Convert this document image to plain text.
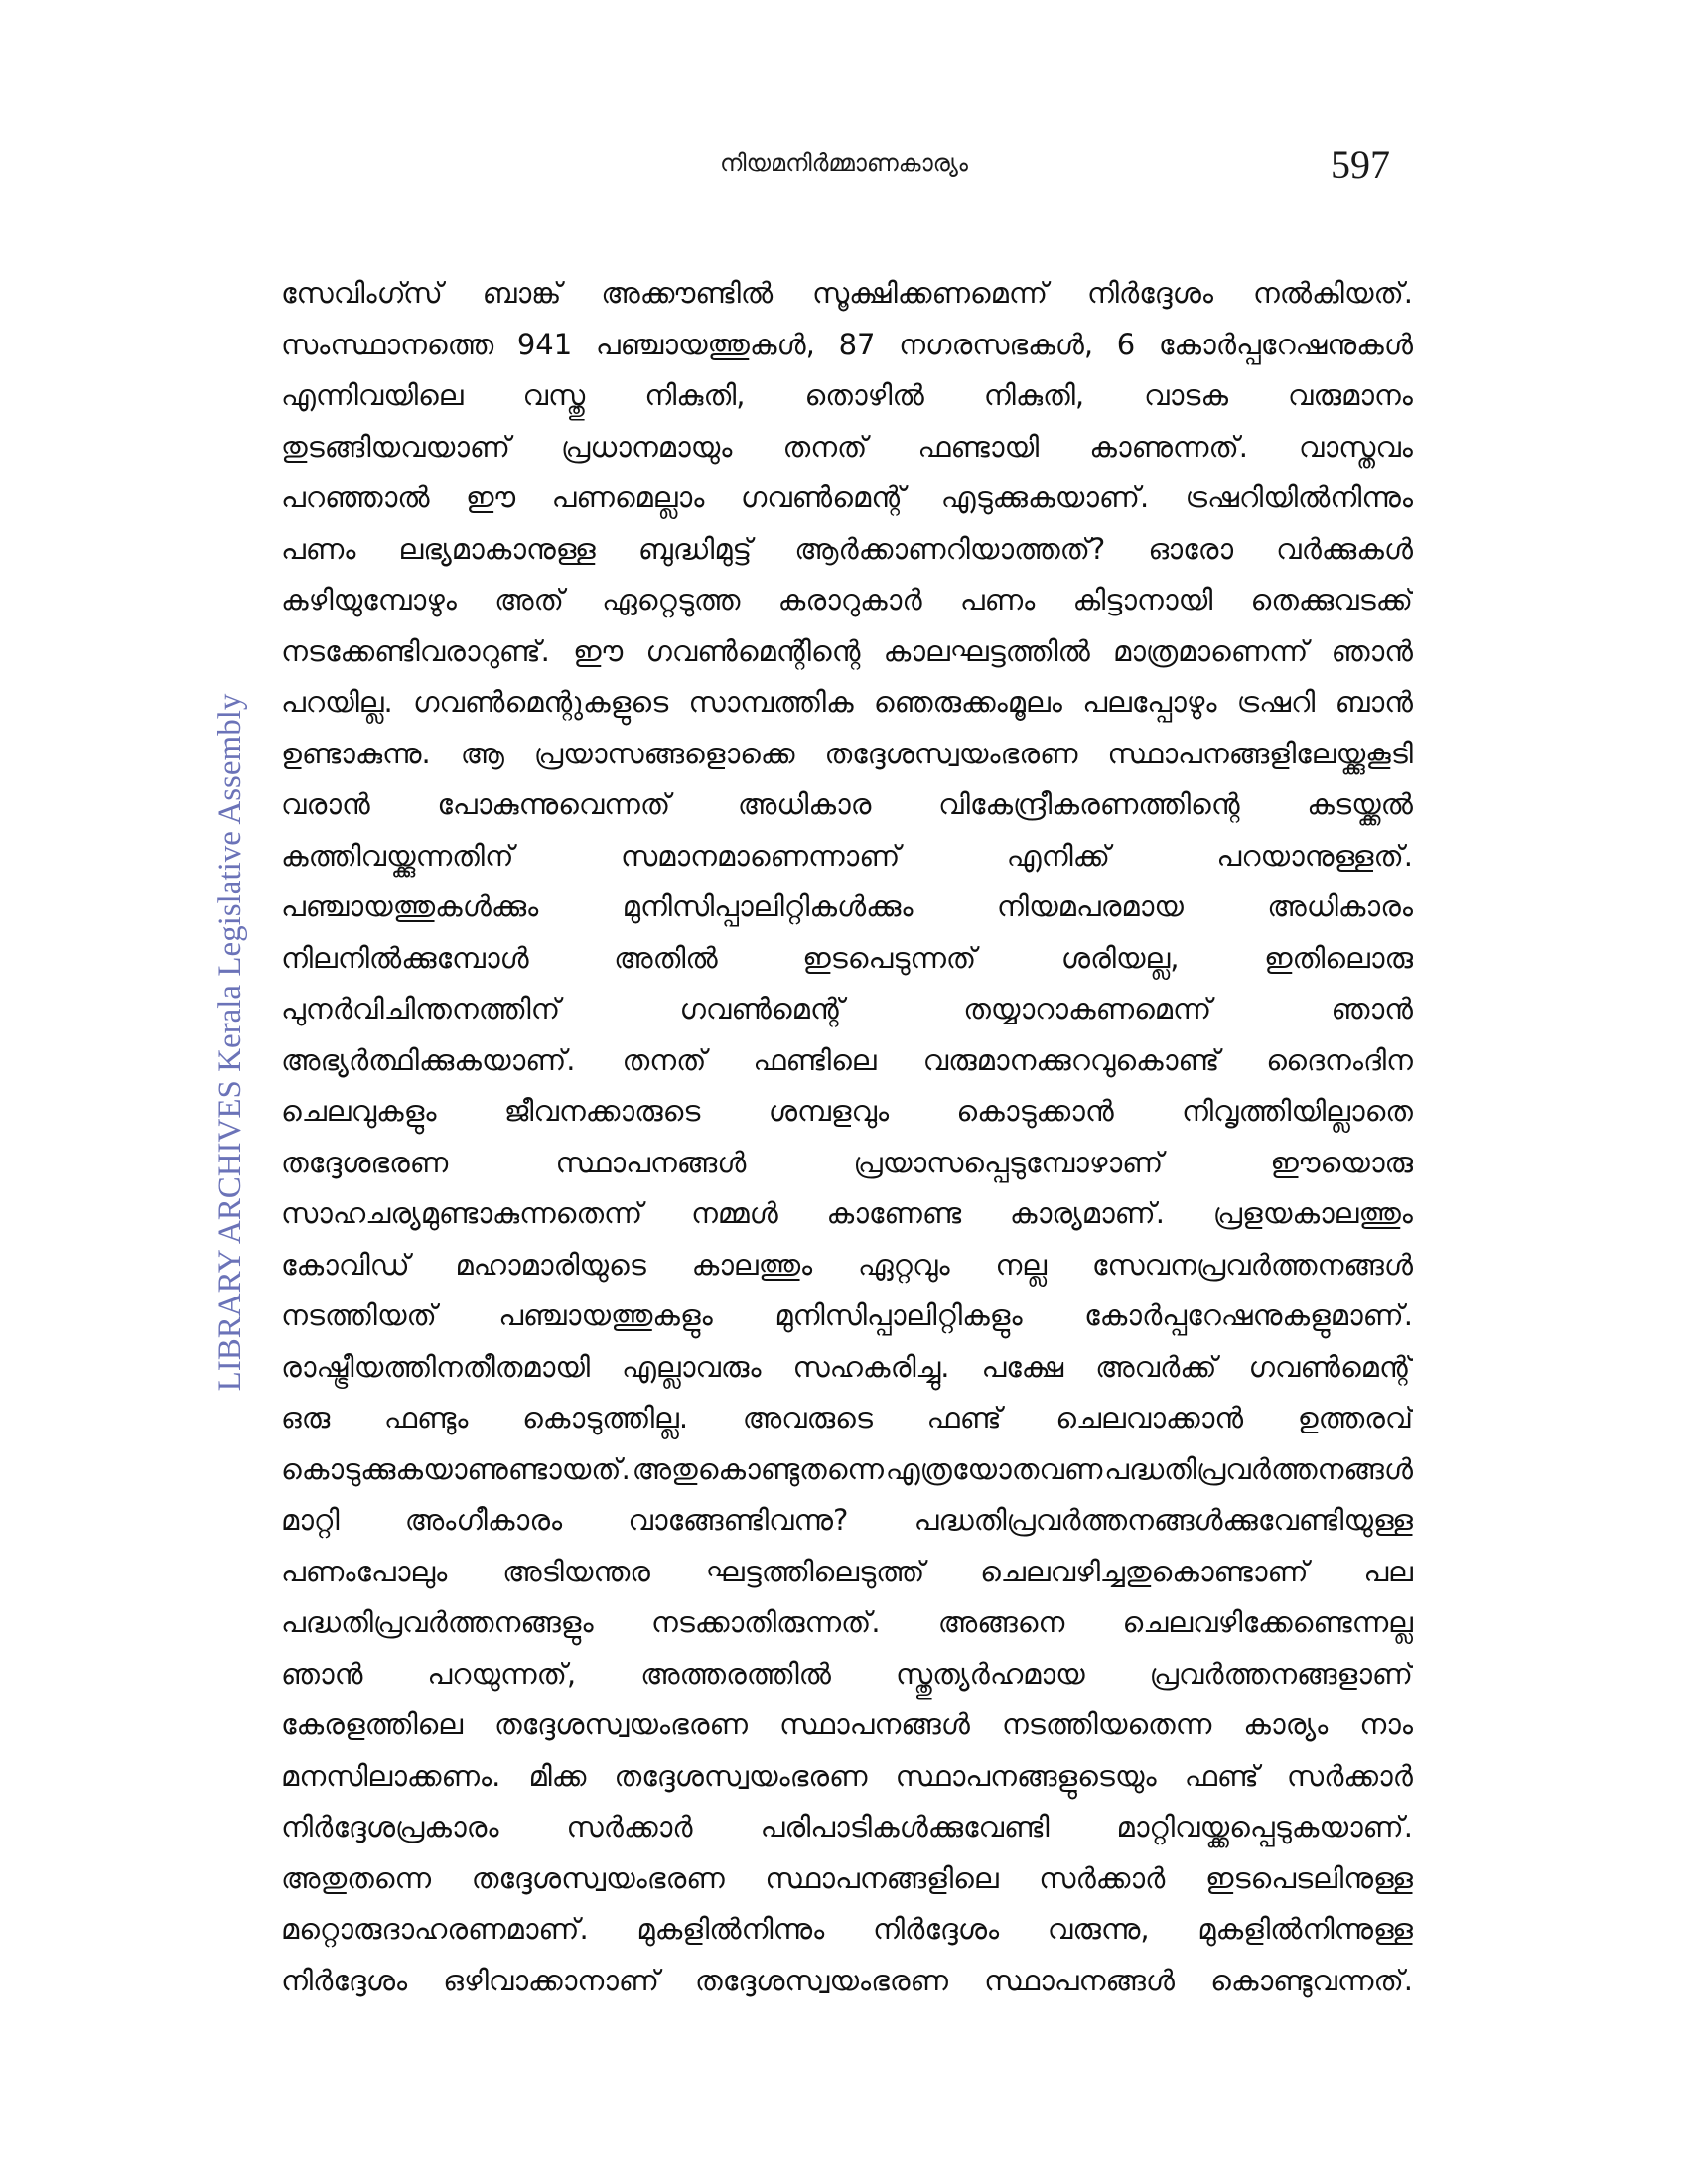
നിയമനിർമ്മാണകാര്യം	597
LIBRARY ARCHIVES Kerala Legislative Assembly
സേവിംഗ്സ് ബാങ്ക് അക്കൗണ്ടിൽ സൂക്ഷിക്കണമെന്ന് നിർദ്ദേശം നൽകിയത്.
സംസ്ഥാനത്തെ 941 പഞ്ചായത്തുകൾ, 87 നഗരസഭകൾ, 6 കോർപ്പറേഷനുകൾ
എന്നിവയിലെ വസ്തു നികുതി, തൊഴിൽ നികുതി, വാടക വരുമാനം
തുടങ്ങിയവയാണ് പ്രധാനമായും തനത് ഫണ്ടായി കാണുന്നത്. വാസ്തവം
പറഞ്ഞാൽ ഈ പണമെല്ലാം ഗവൺമെന്റ് എടുക്കുകയാണ്. ട്രഷറിയിൽനിന്നും
പണം ലഭ്യമാകാനുള്ള ബുദ്ധിമുട്ട് ആർക്കാണറിയാത്തത്? ഓരോ വർക്കുകൾ
കഴിയുമ്പോഴും അത് ഏറ്റെടുത്ത കരാറുകാർ പണം കിട്ടാനായി തെക്കുവടക്ക്
നടക്കേണ്ടിവരാറുണ്ട്. ഈ ഗവൺമെന്റിന്റെ കാലഘട്ടത്തിൽ മാത്രമാണെന്ന് ഞാൻ
പറയില്ല. ഗവൺമെന്റുകളുടെ സാമ്പത്തിക ഞെരുക്കംമൂലം പലപ്പോഴും ട്രഷറി ബാൻ
ഉണ്ടാകുന്നു. ആ പ്രയാസങ്ങളൊക്കെ തദ്ദേശസ്വയംഭരണ സ്ഥാപനങ്ങളിലേയ്ക്കുകൂടി
വരാൻ പോകുന്നുവെന്നത് അധികാര വികേന്ദ്രീകരണത്തിന്റെ കടയ്ക്കൽ
കത്തിവയ്ക്കുന്നതിന്	സമാനമാണെന്നാണ്	എനിക്ക്	പറയാനുള്ളത്.
പഞ്ചായത്തുകൾക്കും	മുനിസിപ്പാലിറ്റികൾക്കും	നിയമപരമായ	അധികാരം
നിലനിൽക്കുമ്പോൾ	അതിൽ	ഇടപെടുന്നത്	ശരിയല്ല,	ഇതിലൊരു
പുനർവിചിന്തനത്തിന്	ഗവൺമെന്റ്	തയ്യാറാകണമെന്ന്	ഞാൻ
അഭ്യർത്ഥിക്കുകയാണ്. തനത് ഫണ്ടിലെ വരുമാനക്കുറവുകൊണ്ട് ദൈനംദിന
ചെലവുകളും ജീവനക്കാരുടെ ശമ്പളവും കൊടുക്കാൻ നിവൃത്തിയില്ലാതെ
തദ്ദേശഭരണ	സ്ഥാപനങ്ങൾ	പ്രയാസപ്പെടുമ്പോഴാണ്	ഈയൊരു
സാഹചര്യമുണ്ടാകുന്നതെന്ന് നമ്മൾ കാണേണ്ട കാര്യമാണ്. പ്രളയകാലത്തും
കോവിഡ് മഹാമാരിയുടെ കാലത്തും ഏറ്റവും നല്ല സേവനപ്രവർത്തനങ്ങൾ
നടത്തിയത് പഞ്ചായത്തുകളും മുനിസിപ്പാലിറ്റികളും കോർപ്പറേഷനുകളുമാണ്.
രാഷ്ട്രീയത്തിനതീതമായി എല്ലാവരും സഹകരിച്ചു. പക്ഷേ അവർക്ക് ഗവൺമെന്റ്
ഒരു ഫണ്ടും കൊടുത്തില്ല. അവരുടെ ഫണ്ട് ചെലവാക്കാൻ ഉത്തരവ്
കൊടുക്കുകയാണുണ്ടായത്. അതുകൊണ്ടുതന്നെ എത്രയോതവണ പദ്ധതിപ്രവർത്തനങ്ങൾ
മാറ്റി അംഗീകാരം വാങ്ങേണ്ടിവന്നു? പദ്ധതിപ്രവർത്തനങ്ങൾക്കുവേണ്ടിയുള്ള
പണംപോലും അടിയന്തര ഘട്ടത്തിലെടുത്ത് ചെലവഴിച്ചതുകൊണ്ടാണ് പല
പദ്ധതിപ്രവർത്തനങ്ങളും നടക്കാതിരുന്നത്. അങ്ങനെ ചെലവഴിക്കേണ്ടെന്നല്ല
ഞാൻ പറയുന്നത്, അത്തരത്തിൽ സ്തുത്യർഹമായ പ്രവർത്തനങ്ങളാണ്
കേരളത്തിലെ തദ്ദേശസ്വയംഭരണ സ്ഥാപനങ്ങൾ നടത്തിയതെന്ന കാര്യം നാം
മനസിലാക്കണം. മിക്ക തദ്ദേശസ്വയംഭരണ സ്ഥാപനങ്ങളുടെയും ഫണ്ട് സർക്കാർ
നിർദ്ദേശപ്രകാരം സർക്കാർ പരിപാടികൾക്കുവേണ്ടി മാറ്റിവയ്ക്കപ്പെടുകയാണ്.
അതുതന്നെ തദ്ദേശസ്വയംഭരണ സ്ഥാപനങ്ങളിലെ സർക്കാർ ഇടപെടലിനുള്ള
മറ്റൊരുദാഹരണമാണ്. മുകളിൽനിന്നും നിർദ്ദേശം വരുന്നു, മുകളിൽനിന്നുള്ള
നിർദ്ദേശം ഒഴിവാക്കാനാണ് തദ്ദേശസ്വയംഭരണ സ്ഥാപനങ്ങൾ കൊണ്ടുവന്നത്.
